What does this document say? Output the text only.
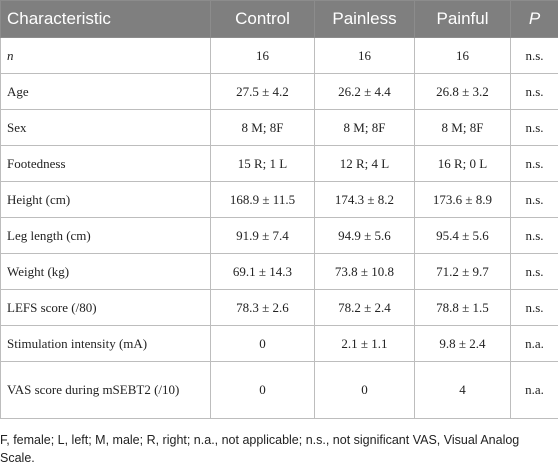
Characteristic	Control	Painless	Painful	P
n	16	16	16	n.s.
Age	27.5 ± 4.2	26.2 ± 4.4	26.8 ± 3.2	n.s.
Sex	8 M; 8F	8 M; 8F	8 M; 8F	n.s.
Footedness	15 R; 1 L	12 R; 4 L	16 R; 0 L	n.s.
Height (cm)	168.9 ± 11.5	174.3 ± 8.2	173.6 ± 8.9	n.s.
Leg length (cm)	91.9 ± 7.4	94.9 ± 5.6	95.4 ± 5.6	n.s.
Weight (kg)	69.1 ± 14.3	73.8 ± 10.8	71.2 ± 9.7	n.s.
LEFS score (/80)	78.3 ± 2.6	78.2 ± 2.4	78.8 ± 1.5	n.s.
Stimulation intensity (mA)	0	2.1 ± 1.1	9.8 ± 2.4	n.a.
VAS score during mSEBT2 (/10)	0	0	4	n.a.
F, female; L, left; M, male; R, right; n.a., not applicable; n.s., not significant VAS, Visual Analog Scale.
